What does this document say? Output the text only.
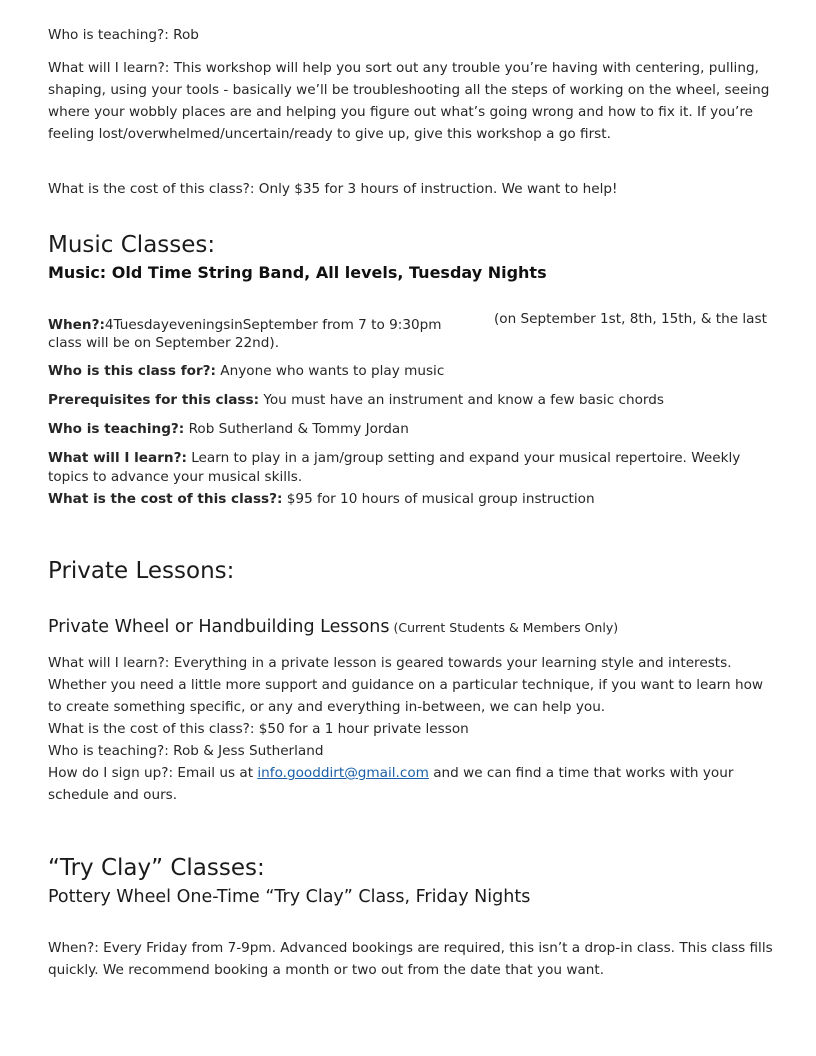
Who is teaching?: Rob

What will I learn?: This workshop will help you sort out any trouble you’re having with centering, pulling, shaping, using your tools - basically we’ll be troubleshooting all the steps of working on the wheel, seeing where your wobbly places are and helping you figure out what’s going wrong and how to fix it. If you’re feeling lost/overwhelmed/uncertain/ready to give up, give this workshop a go first.

What is the cost of this class?: Only $35 for 3 hours of instruction. We want to help!

Music Classes:
Music: Old Time String Band, All levels, Tuesday Nights

When?:4TuesdayeveningsinSeptember from 7 to 9:30pm	(on September 1st, 8th, 15th, & the last

class will be on September 22nd).

Who is this class for?: Anyone who wants to play music

Prerequisites for this class: You must have an instrument and know a few basic chords

Who is teaching?: Rob Sutherland & Tommy Jordan

What will I learn?: Learn to play in a jam/group setting and expand your musical repertoire. Weekly topics to advance your musical skills.

What is the cost of this class?: $95 for 10 hours of musical group instruction

Private Lessons:

Private Wheel or Handbuilding Lessons (Current Students & Members Only)

What will I learn?: Everything in a private lesson is geared towards your learning style and interests. Whether you need a little more support and guidance on a particular technique, if you want to learn how to create something specific, or any and everything in-between, we can help you.

What is the cost of this class?: $50 for a 1 hour private lesson

Who is teaching?: Rob & Jess Sutherland

How do I sign up?: Email us at info.gooddirt@gmail.com and we can find a time that works with your schedule and ours.

“Try Clay” Classes:
Pottery Wheel One-Time “Try Clay” Class, Friday Nights

When?: Every Friday from 7-9pm. Advanced bookings are required, this isn’t a drop-in class. This class fills quickly. We recommend booking a month or two out from the date that you want.
